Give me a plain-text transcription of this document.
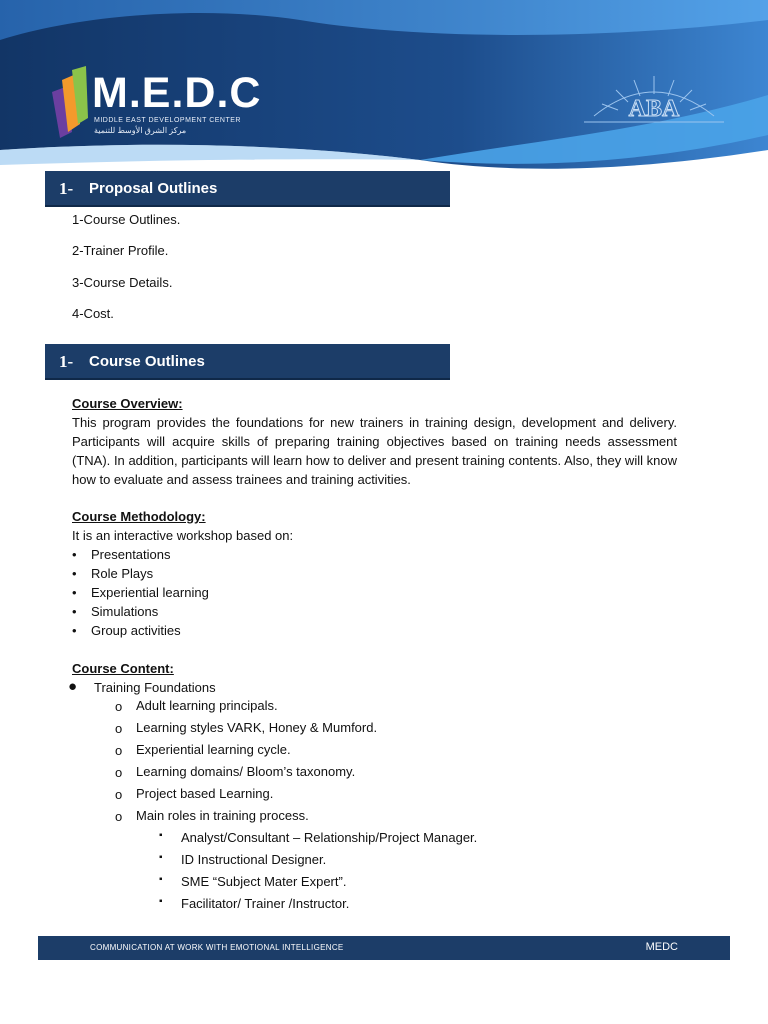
M.E.D.C
MIDDLE EAST DEVELOPMENT CENTER
مركز الشرق الأوسط للتنمية
ABA
1- Proposal Outlines
1-Course Outlines.
2-Trainer Profile.
3-Course Details.
4-Cost.
1- Course Outlines
Course Overview:
This program provides the foundations for new trainers in training design, development and delivery. Participants will acquire skills of preparing training objectives based on training needs assessment (TNA). In addition, participants will learn how to deliver and present training contents. Also, they will know how to evaluate and assess trainees and training activities.
Course Methodology:
It is an interactive workshop based on:
• Presentations
• Role Plays
• Experiential learning
• Simulations
• Group activities
Course Content:
● Training Foundations
o Adult learning principals.
o Learning styles VARK, Honey & Mumford.
o Experiential learning cycle.
o Learning domains/ Bloom’s taxonomy.
o Project based Learning.
o Main roles in training process.
▪ Analyst/Consultant – Relationship/Project Manager.
▪ ID Instructional Designer.
▪ SME “Subject Mater Expert”.
▪ Facilitator/ Trainer /Instructor.
COMMUNICATION AT WORK WITH EMOTIONAL INTELLIGENCE	MEDC
